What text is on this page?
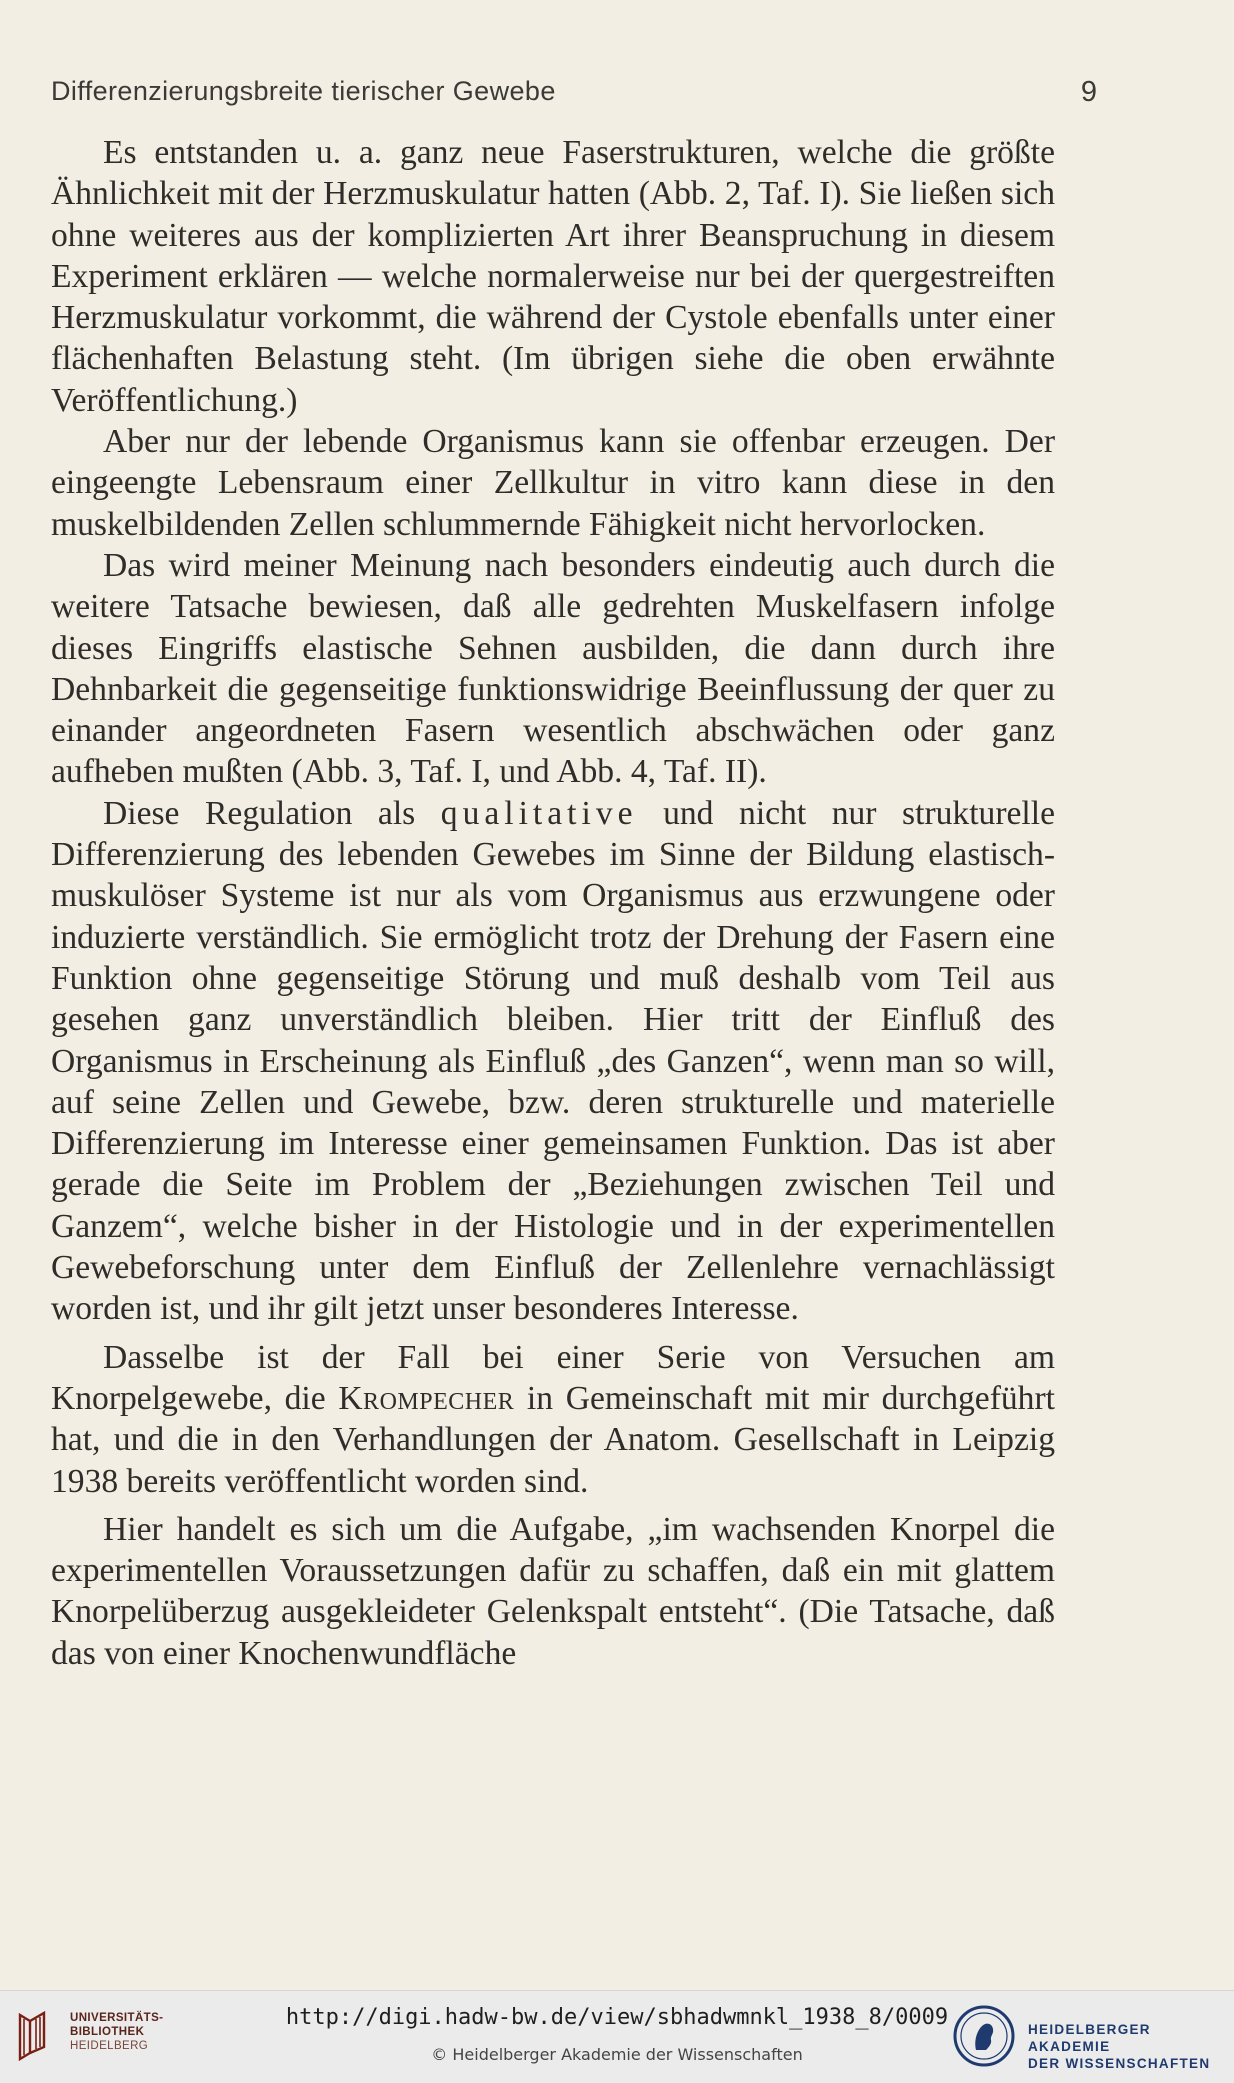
Differenzierungsbreite tierischer Gewebe	9

Es entstanden u. a. ganz neue Faserstrukturen, welche die größte Ähnlichkeit mit der Herzmuskulatur hatten (Abb. 2, Taf. I). Sie ließen sich ohne weiteres aus der komplizierten Art ihrer Beanspruchung in diesem Experiment erklären — welche normalerweise nur bei der quergestreiften Herzmuskulatur vorkommt, die während der Cystole ebenfalls unter einer flächenhaften Belastung steht. (Im übrigen siehe die oben erwähnte Veröffentlichung.)

Aber nur der lebende Organismus kann sie offenbar erzeugen. Der eingeengte Lebensraum einer Zellkultur in vitro kann diese in den muskelbildenden Zellen schlummernde Fähigkeit nicht hervorlocken.

Das wird meiner Meinung nach besonders eindeutig auch durch die weitere Tatsache bewiesen, daß alle gedrehten Muskelfasern infolge dieses Eingriffs elastische Sehnen ausbilden, die dann durch ihre Dehnbarkeit die gegenseitige funktionswidrige Beeinflussung der quer zu einander angeordneten Fasern wesentlich abschwächen oder ganz aufheben mußten (Abb. 3, Taf. I, und Abb. 4, Taf. II).

Diese Regulation als qualitative und nicht nur strukturelle Differenzierung des lebenden Gewebes im Sinne der Bildung elastisch-muskulöser Systeme ist nur als vom Organismus aus erzwungene oder induzierte verständlich. Sie ermöglicht trotz der Drehung der Fasern eine Funktion ohne gegenseitige Störung und muß deshalb vom Teil aus gesehen ganz unverständlich bleiben. Hier tritt der Einfluß des Organismus in Erscheinung als Einfluß „des Ganzen“, wenn man so will, auf seine Zellen und Gewebe, bzw. deren strukturelle und materielle Differenzierung im Interesse einer gemeinsamen Funktion. Das ist aber gerade die Seite im Problem der „Beziehungen zwischen Teil und Ganzem“, welche bisher in der Histologie und in der experimentellen Gewebeforschung unter dem Einfluß der Zellenlehre vernachlässigt worden ist, und ihr gilt jetzt unser besonderes Interesse.

Dasselbe ist der Fall bei einer Serie von Versuchen am Knorpelgewebe, die Krompecher in Gemeinschaft mit mir durchgeführt hat, und die in den Verhandlungen der Anatom. Gesellschaft in Leipzig 1938 bereits veröffentlicht worden sind.

Hier handelt es sich um die Aufgabe, „im wachsenden Knorpel die experimentellen Voraussetzungen dafür zu schaffen, daß ein mit glattem Knorpelüberzug ausgekleideter Gelenkspalt entsteht“. (Die Tatsache, daß das von einer Knochenwundfläche

UNIVERSITÄTS-
BIBLIOTHEK
HEIDELBERG
http://digi.hadw-bw.de/view/sbhadwmnkl_1938_8/0009
© Heidelberger Akademie der Wissenschaften
HEIDELBERGER AKADEMIE
DER WISSENSCHAFTEN
